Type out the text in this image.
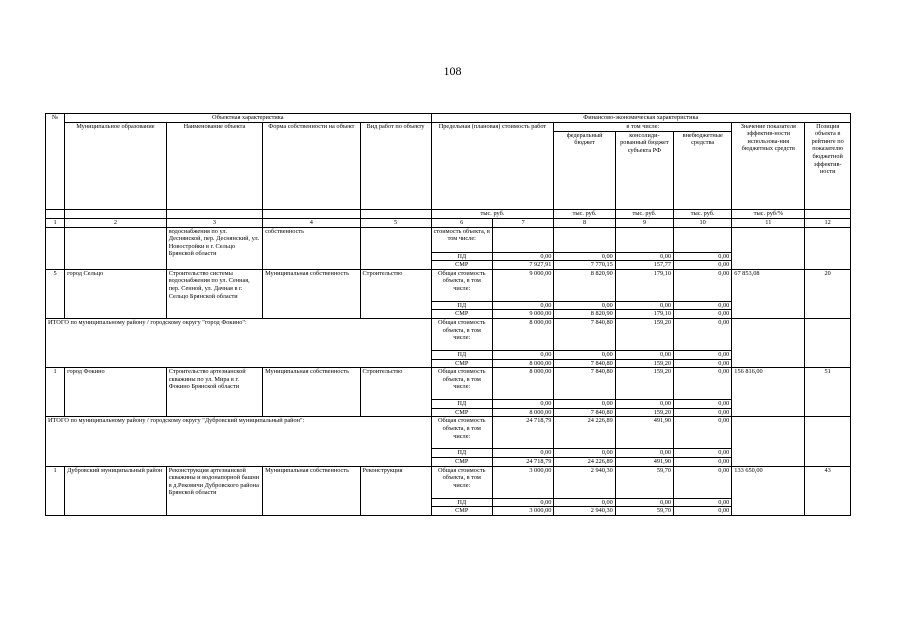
108
№	Объектная характеристика				Финансово-экономическая характеристика						
	Муниципальное образование	Наименование объекта	Форма собственности на объект	Вид работ по объекту	Предельная (плановая) стоимость работ		в том числе:			Значение показателя эффектив-ности использова-ния бюджетных средств	Позиция объекта в рейтинге по показателю бюджетной эффектив-ности
							федеральный бюджет	консолиди-рованный бюджет субъекта РФ	внебюджетные средства		
					тыс. руб.		тыс. руб.	тыс. руб.	тыс. руб.	тыс. руб/%	
1	2	3	4	5	6	7	8	9	10	11	12
		водоснабжения по ул. Деснянской, пер. Деснянский, ул. Новостройки в г. Сельцо Брянской области	собственность		стоимость объекта, в том числе:						
					ПД	0,00	0,00	0,00	0,00		
					СМР	7 927,91	7 770,15	157,77	0,00		
5	город Сельцо	Строительство системы водоснабжения по ул. Сенная, пер. Сенной, ул. Дачная в г. Сельцо Брянской области	Муниципальная собственность	Строительство	Общая стоимость объекта, в том числе:	9 000,00	8 820,90	179,10	0,00	67 853,08	20
					ПД	0,00	0,00	0,00	0,00		
					СМР	9 000,00	8 820,90	179,10	0,00		
ИТОГО по муниципальному району / городскому округу "город Фокино":					Общая стоимость объекта, в том числе:	8 000,00	7 840,80	159,20	0,00		
					ПД	0,00	0,00	0,00	0,00		
					СМР	8 000,00	7 840,80	159,20	0,00		
1	город Фокино	Строительство артезианской скважины по ул. Мира в г. Фокино Брянской области	Муниципальная собственность	Строительство	Общая стоимость объекта, в том числе:	8 000,00	7 840,80	159,20	0,00	156 816,00	51
					ПД	0,00	0,00	0,00	0,00		
					СМР	8 000,00	7 840,80	159,20	0,00		
ИТОГО по муниципальному району / городскому округу "Дубровский муниципальный район":					Общая стоимость объекта, в том числе:	24 718,79	24 226,89	491,90	0,00		
					ПД	0,00	0,00	0,00	0,00		
					СМР	24 718,79	24 226,89	491,90	0,00		
1	Дубровский муниципальный район	Реконструкция артезианской скважины и водонапорной башни в д.Рековичи Дубровского района Брянской области	Муниципальная собственность	Реконструкция	Общая стоимость объекта, в том числе:	3 000,00	2 940,30	59,70	0,00	133 650,00	43
					ПД	0,00	0,00	0,00	0,00		
					СМР	3 000,00	2 940,30	59,70	0,00		
